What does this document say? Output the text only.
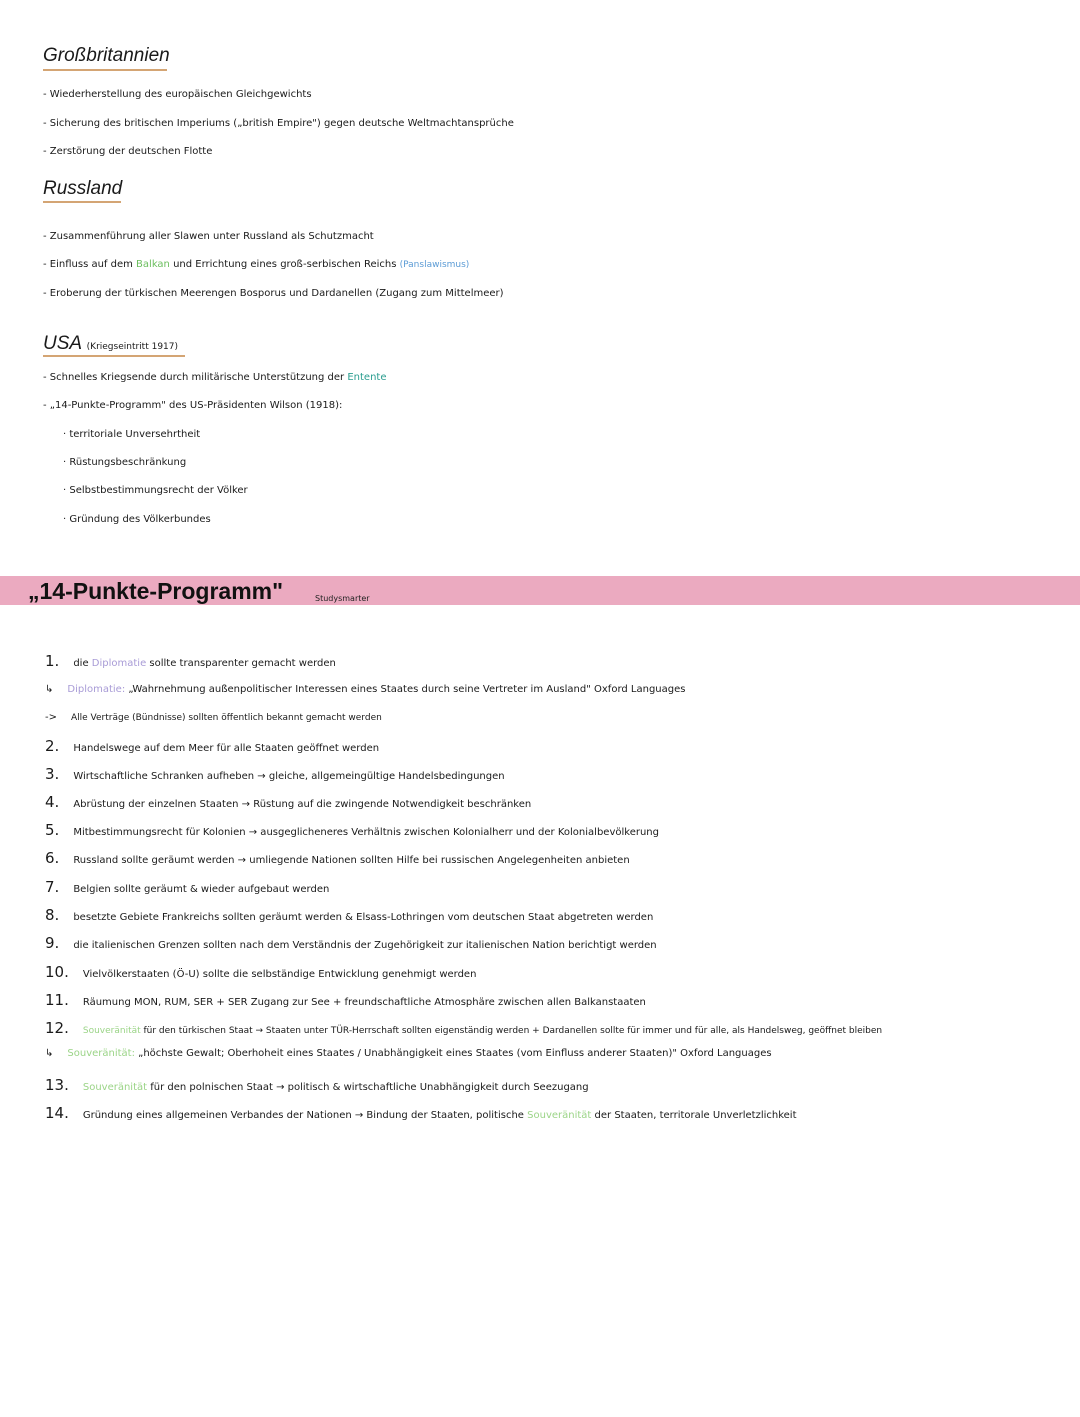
Großbritannien
- Wiederherstellung des europäischen Gleichgewichts
- Sicherung des britischen Imperiums („british Empire") gegen deutsche Weltmachtansprüche
- Zerstörung der deutschen Flotte
Russland
- Zusammenführung aller Slawen unter Russland als Schutzmacht
- Einfluss auf dem Balkan und Errichtung eines groß-serbischen Reichs (Panslawismus)
- Eroberung der türkischen Meerengen Bosporus und Dardanellen (Zugang zum Mittelmeer)
USA (Kriegseintritt 1917)
- Schnelles Kriegsende durch militärische Unterstützung der Entente
- „14-Punkte-Programm" des US-Präsidenten Wilson (1918):
· territoriale Unversehrtheit
· Rüstungsbeschränkung
· Selbstbestimmungsrecht der Völker
· Gründung des Völkerbundes
„14-Punkte-Programm"	Studysmarter
1. die Diplomatie sollte transparenter gemacht werden
↳ Diplomatie: „Wahrnehmung außenpolitischer Interessen eines Staates durch seine Vertreter im Ausland" Oxford Languages
-> Alle Verträge (Bündnisse) sollten öffentlich bekannt gemacht werden
2. Handelswege auf dem Meer für alle Staaten geöffnet werden
3. Wirtschaftliche Schranken aufheben → gleiche, allgemeingültige Handelsbedingungen
4. Abrüstung der einzelnen Staaten → Rüstung auf die zwingende Notwendigkeit beschränken
5. Mitbestimmungsrecht für Kolonien → ausgeglicheneres Verhältnis zwischen Kolonialherr und der Kolonialbevölkerung
6. Russland sollte geräumt werden → umliegende Nationen sollten Hilfe bei russischen Angelegenheiten anbieten
7. Belgien sollte geräumt & wieder aufgebaut werden
8. besetzte Gebiete Frankreichs sollten geräumt werden & Elsass-Lothringen vom deutschen Staat abgetreten werden
9. die italienischen Grenzen sollten nach dem Verständnis der Zugehörigkeit zur italienischen Nation berichtigt werden
10. Vielvölkerstaaten (Ö-U) sollte die selbständige Entwicklung genehmigt werden
11. Räumung MON, RUM, SER + SER Zugang zur See + freundschaftliche Atmosphäre zwischen allen Balkanstaaten
12. Souveränität für den türkischen Staat → Staaten unter TÜR-Herrschaft sollten eigenständig werden + Dardanellen sollte für immer und für alle, als Handelsweg, geöffnet bleiben
↳ Souveränität: „höchste Gewalt; Oberhoheit eines Staates / Unabhängigkeit eines Staates (vom Einfluss anderer Staaten)" Oxford Languages
13. Souveränität für den polnischen Staat → politisch & wirtschaftliche Unabhängigkeit durch Seezugang
14. Gründung eines allgemeinen Verbandes der Nationen → Bindung der Staaten, politische Souveränität der Staaten, territorale Unverletzlichkeit
